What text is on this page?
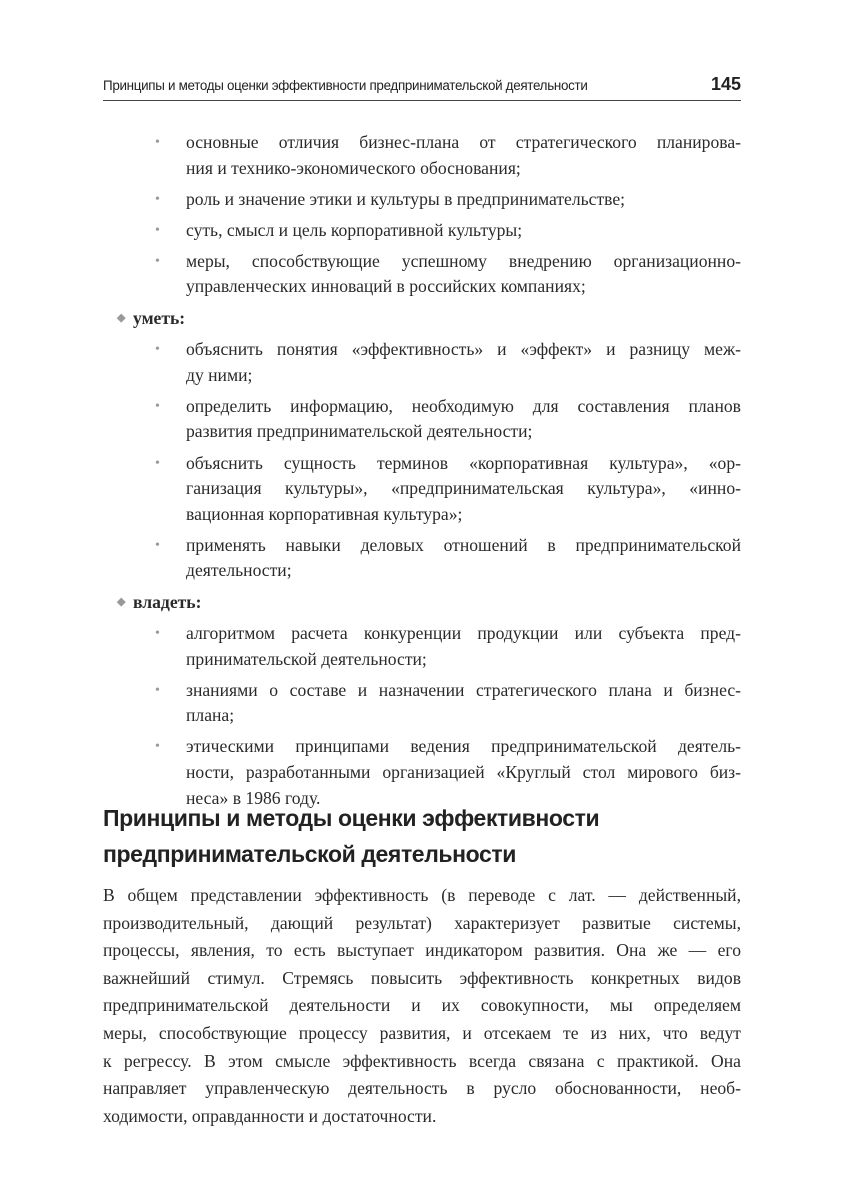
Принципы и методы оценки эффективности предпринимательской деятельности	145
• основные отличия бизнес-плана от стратегического планирова-
ния и технико-экономического обоснования;
• роль и значение этики и культуры в предпринимательстве;
• суть, смысл и цель корпоративной культуры;
• меры, способствующие успешному внедрению организационно-
управленческих инноваций в российских компаниях;
◆ уметь:
• объяснить понятия «эффективность» и «эффект» и разницу меж-
ду ними;
• определить информацию, необходимую для составления планов
развития предпринимательской деятельности;
• объяснить сущность терминов «корпоративная культура», «ор-
ганизация культуры», «предпринимательская культура», «инно-
вационная корпоративная культура»;
• применять навыки деловых отношений в предпринимательской
деятельности;
◆ владеть:
• алгоритмом расчета конкуренции продукции или субъекта пред-
принимательской деятельности;
• знаниями о составе и назначении стратегического плана и бизнес-
плана;
• этическими принципами ведения предпринимательской деятель-
ности, разработанными организацией «Круглый стол мирового биз-
неса» в 1986 году.
Принципы и методы оценки эффективности
предпринимательской деятельности
В общем представлении эффективность (в переводе с лат. — действенный,
производительный, дающий результат) характеризует развитые системы,
процессы, явления, то есть выступает индикатором развития. Она же — его
важнейший стимул. Стремясь повысить эффективность конкретных видов
предпринимательской деятельности и их совокупности, мы определяем
меры, способствующие процессу развития, и отсекаем те из них, что ведут
к регрессу. В этом смысле эффективность всегда связана с практикой. Она
направляет управленческую деятельность в русло обоснованности, необ-
ходимости, оправданности и достаточности.
